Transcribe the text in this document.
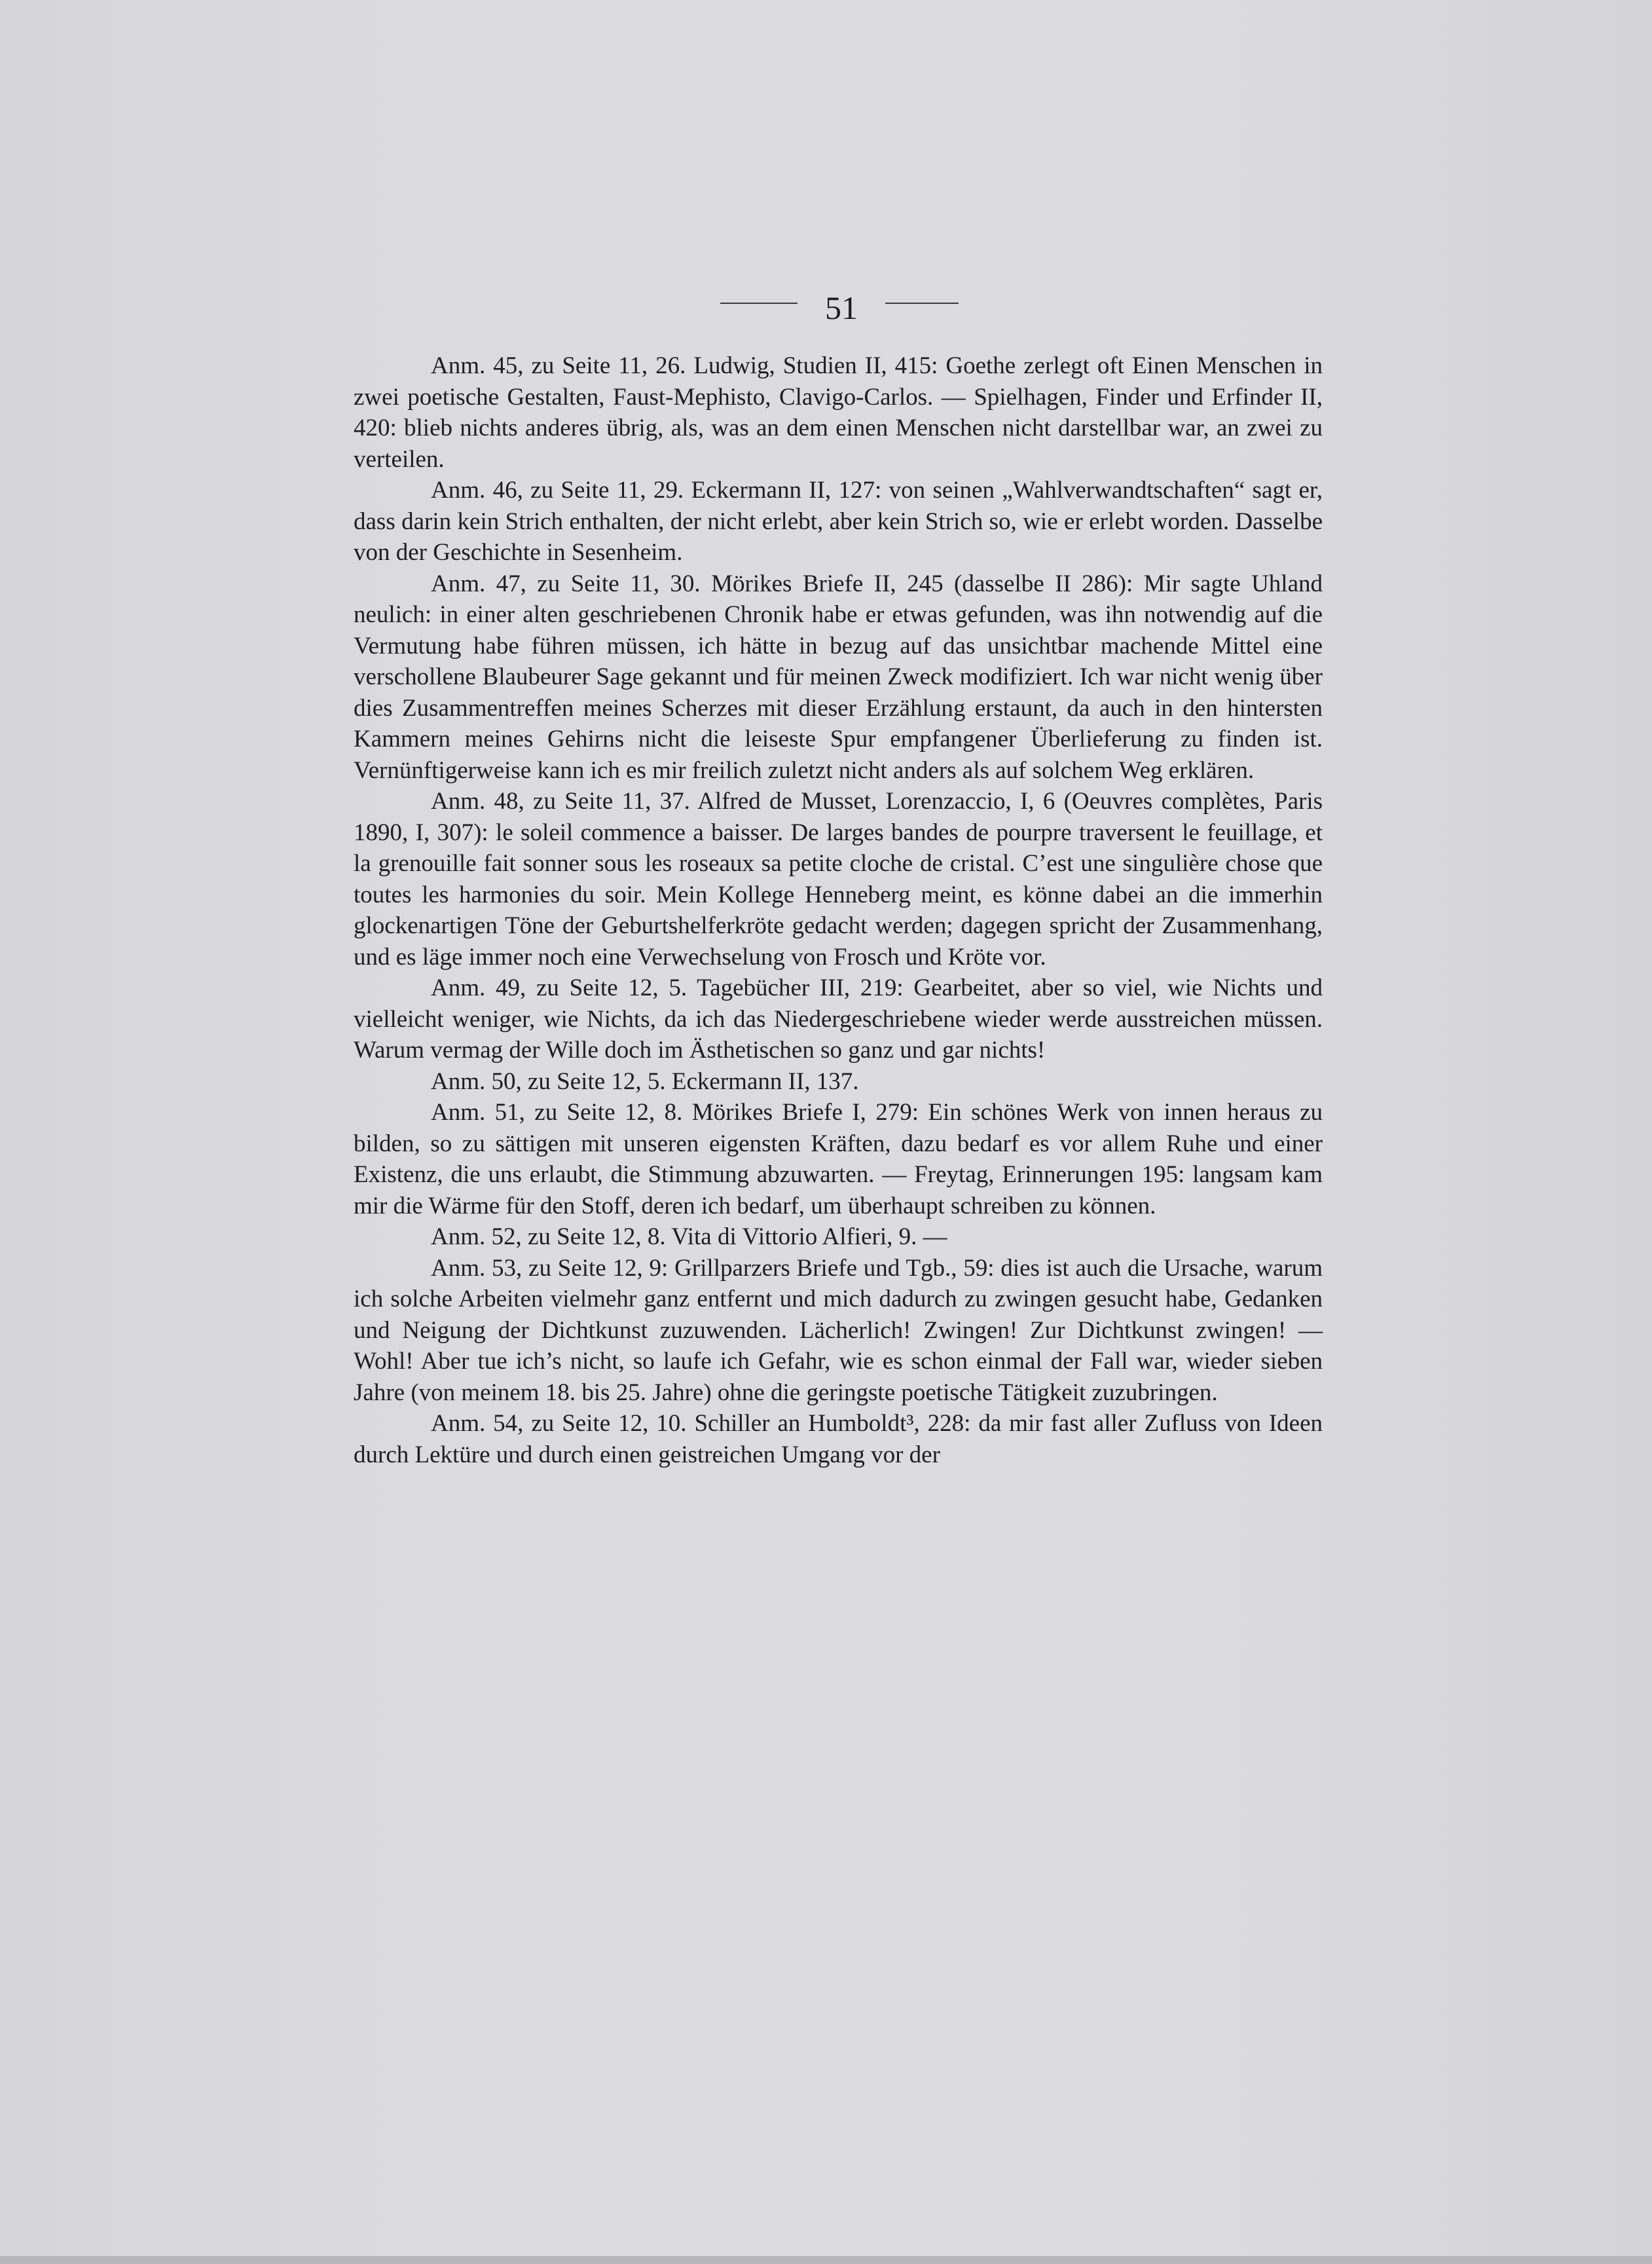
51

Anm. 45, zu Seite 11, 26. Ludwig, Studien II, 415: Goethe zerlegt oft Einen Menschen in zwei poetische Gestalten, Faust-Mephisto, Clavigo-Carlos. — Spielhagen, Finder und Erfinder II, 420: blieb nichts anderes übrig, als, was an dem einen Menschen nicht darstellbar war, an zwei zu verteilen.

Anm. 46, zu Seite 11, 29. Eckermann II, 127: von seinen „Wahlverwandtschaften“ sagt er, dass darin kein Strich enthalten, der nicht erlebt, aber kein Strich so, wie er erlebt worden. Dasselbe von der Geschichte in Sesenheim.

Anm. 47, zu Seite 11, 30. Mörikes Briefe II, 245 (dasselbe II 286): Mir sagte Uhland neulich: in einer alten geschriebenen Chronik habe er etwas gefunden, was ihn notwendig auf die Vermutung habe führen müssen, ich hätte in bezug auf das unsichtbar machende Mittel eine verschollene Blaubeurer Sage gekannt und für meinen Zweck modifiziert. Ich war nicht wenig über dies Zusammentreffen meines Scherzes mit dieser Erzählung erstaunt, da auch in den hintersten Kammern meines Gehirns nicht die leiseste Spur empfangener Überlieferung zu finden ist. Vernünftigerweise kann ich es mir freilich zuletzt nicht anders als auf solchem Weg erklären.

Anm. 48, zu Seite 11, 37. Alfred de Musset, Lorenzaccio, I, 6 (Oeuvres complètes, Paris 1890, I, 307): le soleil commence a baisser. De larges bandes de pourpre traversent le feuillage, et la grenouille fait sonner sous les roseaux sa petite cloche de cristal. C’est une singulière chose que toutes les harmonies du soir. Mein Kollege Henneberg meint, es könne dabei an die immerhin glockenartigen Töne der Geburtshelferkröte gedacht werden; dagegen spricht der Zusammenhang, und es läge immer noch eine Verwechselung von Frosch und Kröte vor.

Anm. 49, zu Seite 12, 5. Tagebücher III, 219: Gearbeitet, aber so viel, wie Nichts und vielleicht weniger, wie Nichts, da ich das Niedergeschriebene wieder werde ausstreichen müssen. Warum vermag der Wille doch im Ästhetischen so ganz und gar nichts!

Anm. 50, zu Seite 12, 5. Eckermann II, 137.

Anm. 51, zu Seite 12, 8. Mörikes Briefe I, 279: Ein schönes Werk von innen heraus zu bilden, so zu sättigen mit unseren eigensten Kräften, dazu bedarf es vor allem Ruhe und einer Existenz, die uns erlaubt, die Stimmung abzuwarten. — Freytag, Erinnerungen 195: langsam kam mir die Wärme für den Stoff, deren ich bedarf, um überhaupt schreiben zu können.

Anm. 52, zu Seite 12, 8. Vita di Vittorio Alfieri, 9. —

Anm. 53, zu Seite 12, 9: Grillparzers Briefe und Tgb., 59: dies ist auch die Ursache, warum ich solche Arbeiten vielmehr ganz entfernt und mich dadurch zu zwingen gesucht habe, Gedanken und Neigung der Dichtkunst zuzuwenden. Lächerlich! Zwingen! Zur Dichtkunst zwingen! — Wohl! Aber tue ich’s nicht, so laufe ich Gefahr, wie es schon einmal der Fall war, wieder sieben Jahre (von meinem 18. bis 25. Jahre) ohne die geringste poetische Tätigkeit zuzubringen.

Anm. 54, zu Seite 12, 10. Schiller an Humboldt³, 228: da mir fast aller Zufluss von Ideen durch Lektüre und durch einen geistreichen Umgang vor der
